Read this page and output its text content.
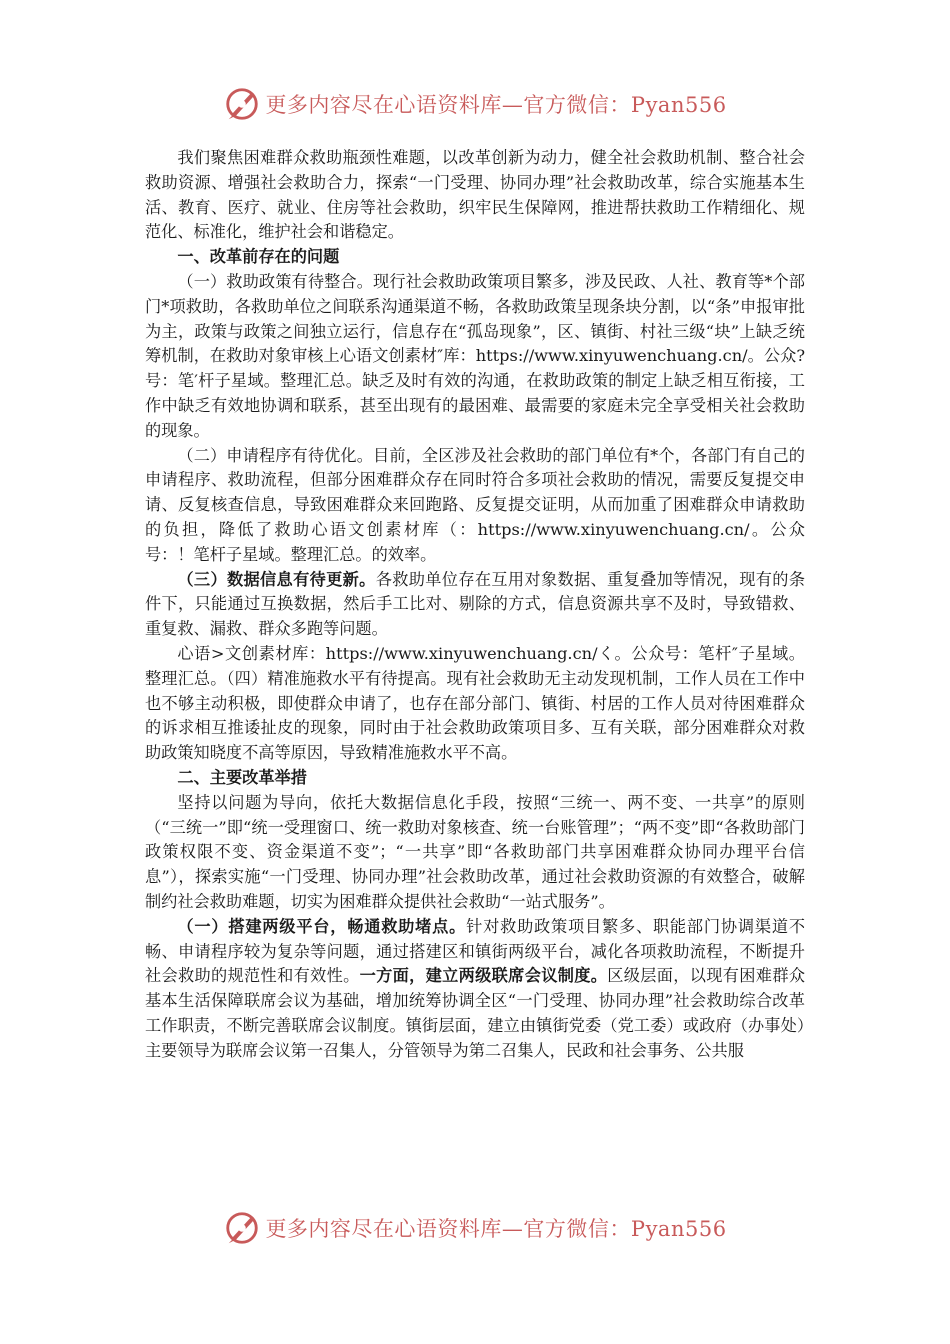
更多内容尽在心语资料库—官方微信：Pyan556

我们聚焦困难群众救助瓶颈性难题，以改革创新为动力，健全社会救助机制、整合社会救助资源、增强社会救助合力，探索“一门受理、协同办理”社会救助改革，综合实施基本生活、教育、医疗、就业、住房等社会救助，织牢民生保障网，推进帮扶救助工作精细化、规范化、标准化，维护社会和谐稳定。

一、改革前存在的问题

（一）救助政策有待整合。现行社会救助政策项目繁多，涉及民政、人社、教育等*个部门*项救助，各救助单位之间联系沟通渠道不畅，各救助政策呈现条块分割，以“条”申报审批为主，政策与政策之间独立运行，信息存在“孤岛现象”，区、镇街、村社三级“块”上缺乏统筹机制，在救助对象审核上心语文创素材″库：https://www.xinyuwenchuang.cn/。公众?号：笔′杆子星域。整理汇总。缺乏及时有效的沟通，在救助政策的制定上缺乏相互衔接，工作中缺乏有效地协调和联系，甚至出现有的最困难、最需要的家庭未完全享受相关社会救助的现象。

（二）申请程序有待优化。目前，全区涉及社会救助的部门单位有*个，各部门有自己的申请程序、救助流程，但部分困难群众存在同时符合多项社会救助的情况，需要反复提交申请、反复核查信息，导致困难群众来回跑路、反复提交证明，从而加重了困难群众申请救助的负担，降低了救助心语文创素材库（：https://www.xinyuwenchuang.cn/。公众号：！笔杆子星域。整理汇总。的效率。

（三）数据信息有待更新。各救助单位存在互用对象数据、重复叠加等情况，现有的条件下，只能通过互换数据，然后手工比对、剔除的方式，信息资源共享不及时，导致错救、重复救、漏救、群众多跑等问题。

心语>文创素材库：https://www.xinyuwenchuang.cn/く。公众号：笔杆″子星域。整理汇总。（四）精准施救水平有待提高。现有社会救助无主动发现机制，工作人员在工作中也不够主动积极，即使群众申请了，也存在部分部门、镇街、村居的工作人员对待困难群众的诉求相互推诿扯皮的现象，同时由于社会救助政策项目多、互有关联，部分困难群众对救助政策知晓度不高等原因，导致精准施救水平不高。

二、主要改革举措

坚持以问题为导向，依托大数据信息化手段，按照“三统一、两不变、一共享”的原则（“三统一”即“统一受理窗口、统一救助对象核查、统一台账管理”；“两不变”即“各救助部门政策权限不变、资金渠道不变”；“一共享”即“各救助部门共享困难群众协同办理平台信息”），探索实施“一门受理、协同办理”社会救助改革，通过社会救助资源的有效整合，破解制约社会救助难题，切实为困难群众提供社会救助“一站式服务”。

（一）搭建两级平台，畅通救助堵点。针对救助政策项目繁多、职能部门协调渠道不畅、申请程序较为复杂等问题，通过搭建区和镇街两级平台，减化各项救助流程，不断提升社会救助的规范性和有效性。一方面，建立两级联席会议制度。区级层面，以现有困难群众基本生活保障联席会议为基础，增加统筹协调全区“一门受理、协同办理”社会救助综合改革工作职责，不断完善联席会议制度。镇街层面，建立由镇街党委（党工委）或政府（办事处）主要领导为联席会议第一召集人，分管领导为第二召集人，民政和社会事务、公共服

更多内容尽在心语资料库—官方微信：Pyan556
